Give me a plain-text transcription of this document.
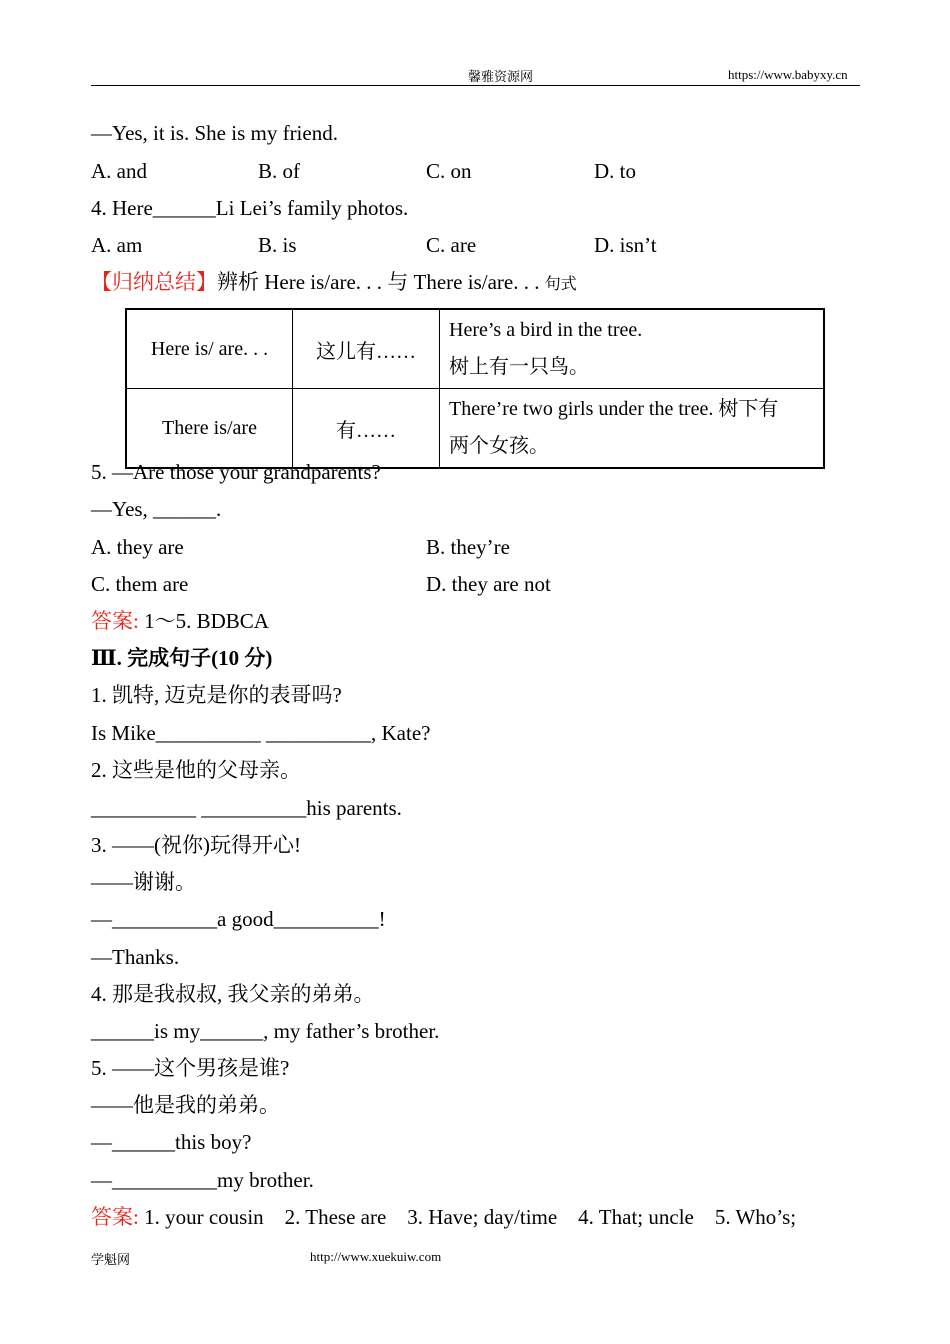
馨雅资源网	https://www.babyxy.cn
—Yes, it is. She is my friend.
A. and	B. of	C. on	D. to
4. Here______Li Lei’s family photos.
A. am	B. is	C. are	D. isn’t
【归纳总结】辨析 Here is/are. . . 与 There is/are. . . 句式
Here is/ are. . .	这儿有……	Here’s a bird in the tree.
树上有一只鸟。

There is/are	有……	There’re two girls under the tree. 树下有
两个女孩。
5. —Are those your grandparents?
—Yes, ______.
A. they are	B. they’re
C. them are	D. they are not
答案: 1～5. BDBCA
Ⅲ. 完成句子(10 分)
1. 凯特, 迈克是你的表哥吗?
Is Mike__________ __________, Kate?
2. 这些是他的父母亲。
__________ __________his parents.
3. ——(祝你)玩得开心!
——谢谢。
—__________a good__________!
—Thanks.
4. 那是我叔叔, 我父亲的弟弟。
______is my______, my father’s brother.
5. ——这个男孩是谁?
——他是我的弟弟。
—______this boy?
—__________my brother.
答案: 1. your cousin    2. These are    3. Have; day/time    4. That; uncle    5. Who’s;
学魁网	http://www.xuekuiw.com
